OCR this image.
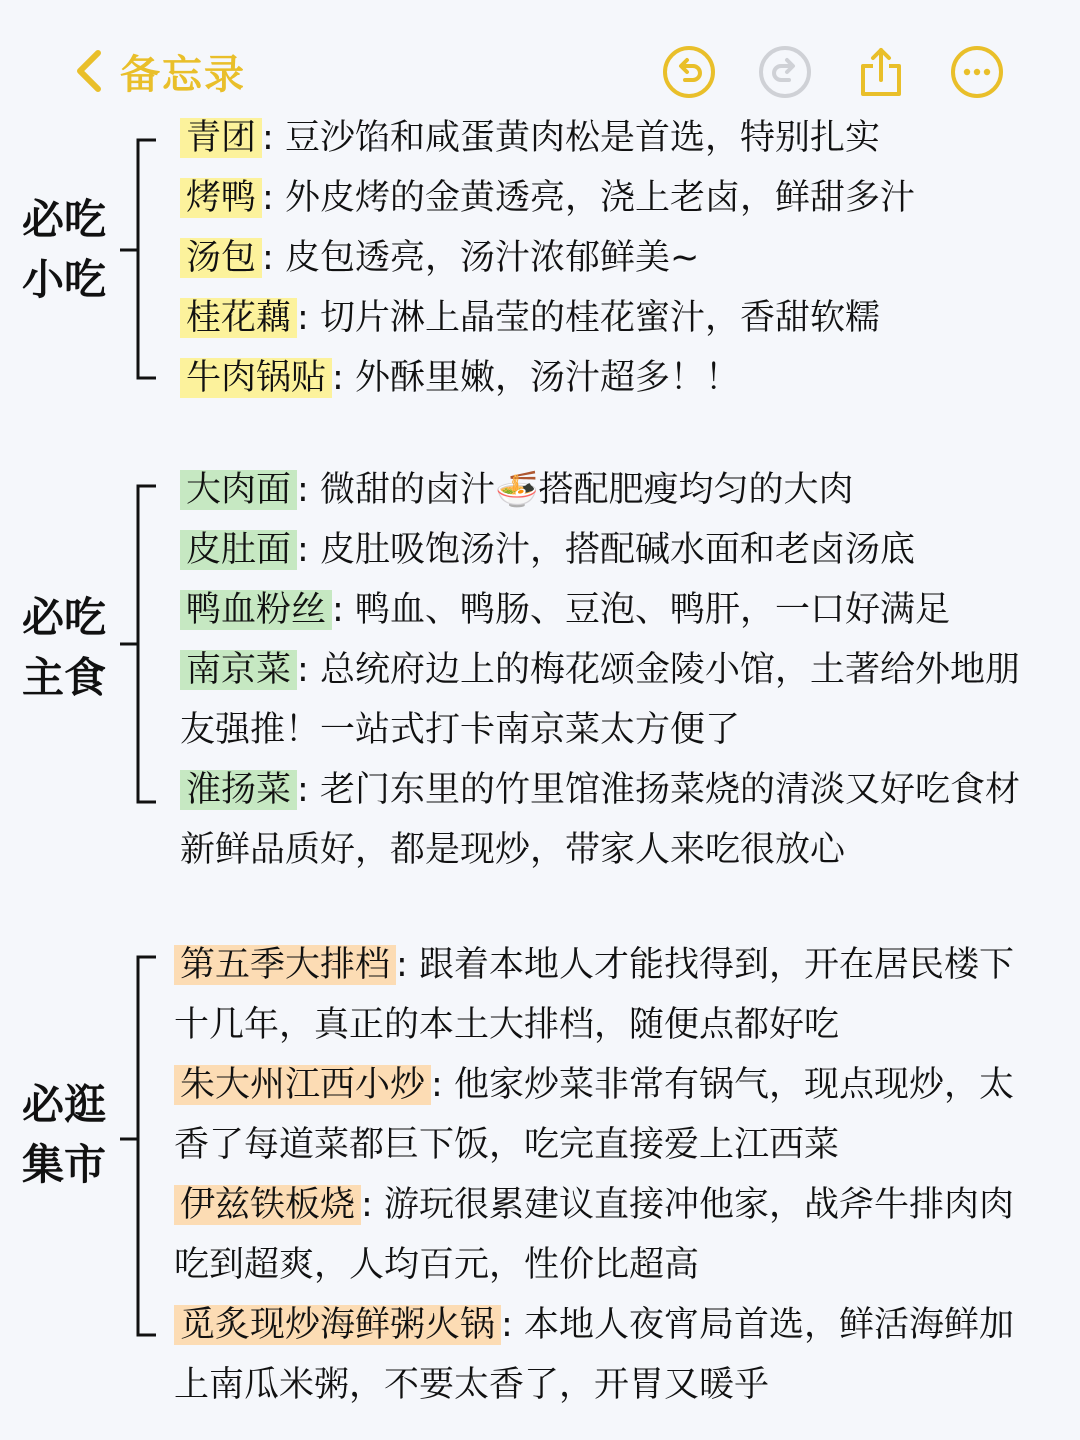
备忘录
必吃
小吃
青团 : 豆沙馅和咸蛋黄肉松是首选，特别扎实
烤鸭 : 外皮烤的金黄透亮，浇上老卤，鲜甜多汁
汤包 : 皮包透亮，汤汁浓郁鲜美~
桂花藕 : 切片淋上晶莹的桂花蜜汁，香甜软糯
牛肉锅贴 : 外酥里嫩，汤汁超多！！
必吃
主食
大肉面 : 微甜的卤汁🍜搭配肥瘦均匀的大肉
皮肚面 : 皮肚吸饱汤汁，搭配碱水面和老卤汤底
鸭血粉丝 : 鸭血、鸭肠、豆泡、鸭肝，一口好满足
南京菜 : 总统府边上的梅花颂金陵小馆，土著给外地朋友强推！一站式打卡南京菜太方便了
淮扬菜 : 老门东里的竹里馆淮扬菜烧的清淡又好吃食材新鲜品质好，都是现炒，带家人来吃很放心
必逛
集市
第五季大排档 : 跟着本地人才能找得到，开在居民楼下十几年，真正的本土大排档，随便点都好吃
朱大州江西小炒 : 他家炒菜非常有锅气，现点现炒，太香了每道菜都巨下饭，吃完直接爱上江西菜
伊兹铁板烧 : 游玩很累建议直接冲他家，战斧牛排肉肉吃到超爽，人均百元，性价比超高
觅炙现炒海鲜粥火锅 : 本地人夜宵局首选，鲜活海鲜加上南瓜米粥，不要太香了，开胃又暖乎
